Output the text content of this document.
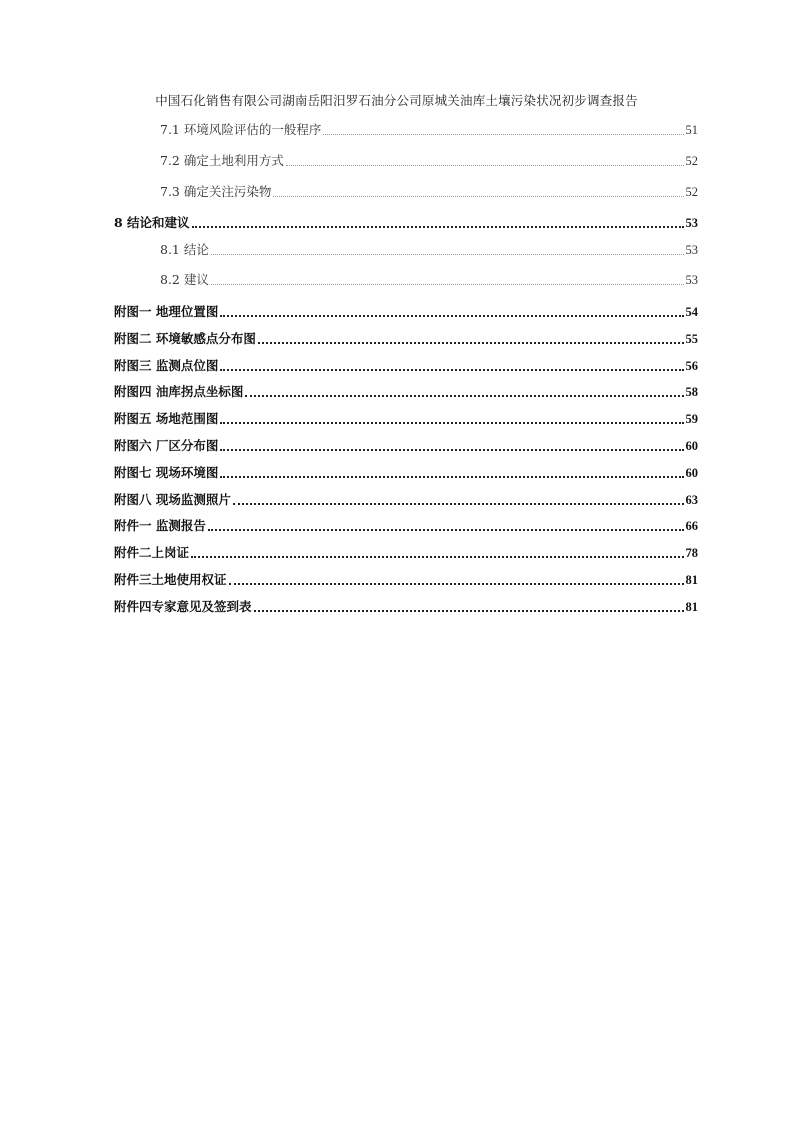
中国石化销售有限公司湖南岳阳汨罗石油分公司原城关油库土壤污染状况初步调查报告
7.1 环境风险评估的一般程序	51
7.2 确定土地利用方式	52
7.3 确定关注污染物	52
8 结论和建议	53
8.1 结论	53
8.2 建议	53
附图一 地理位置图	54
附图二 环境敏感点分布图	55
附图三 监测点位图	56
附图四 油库拐点坐标图	58
附图五 场地范围图	59
附图六 厂区分布图	60
附图七 现场环境图	60
附图八 现场监测照片	63
附件一 监测报告	66
附件二上岗证	78
附件三土地使用权证	81
附件四专家意见及签到表	81
